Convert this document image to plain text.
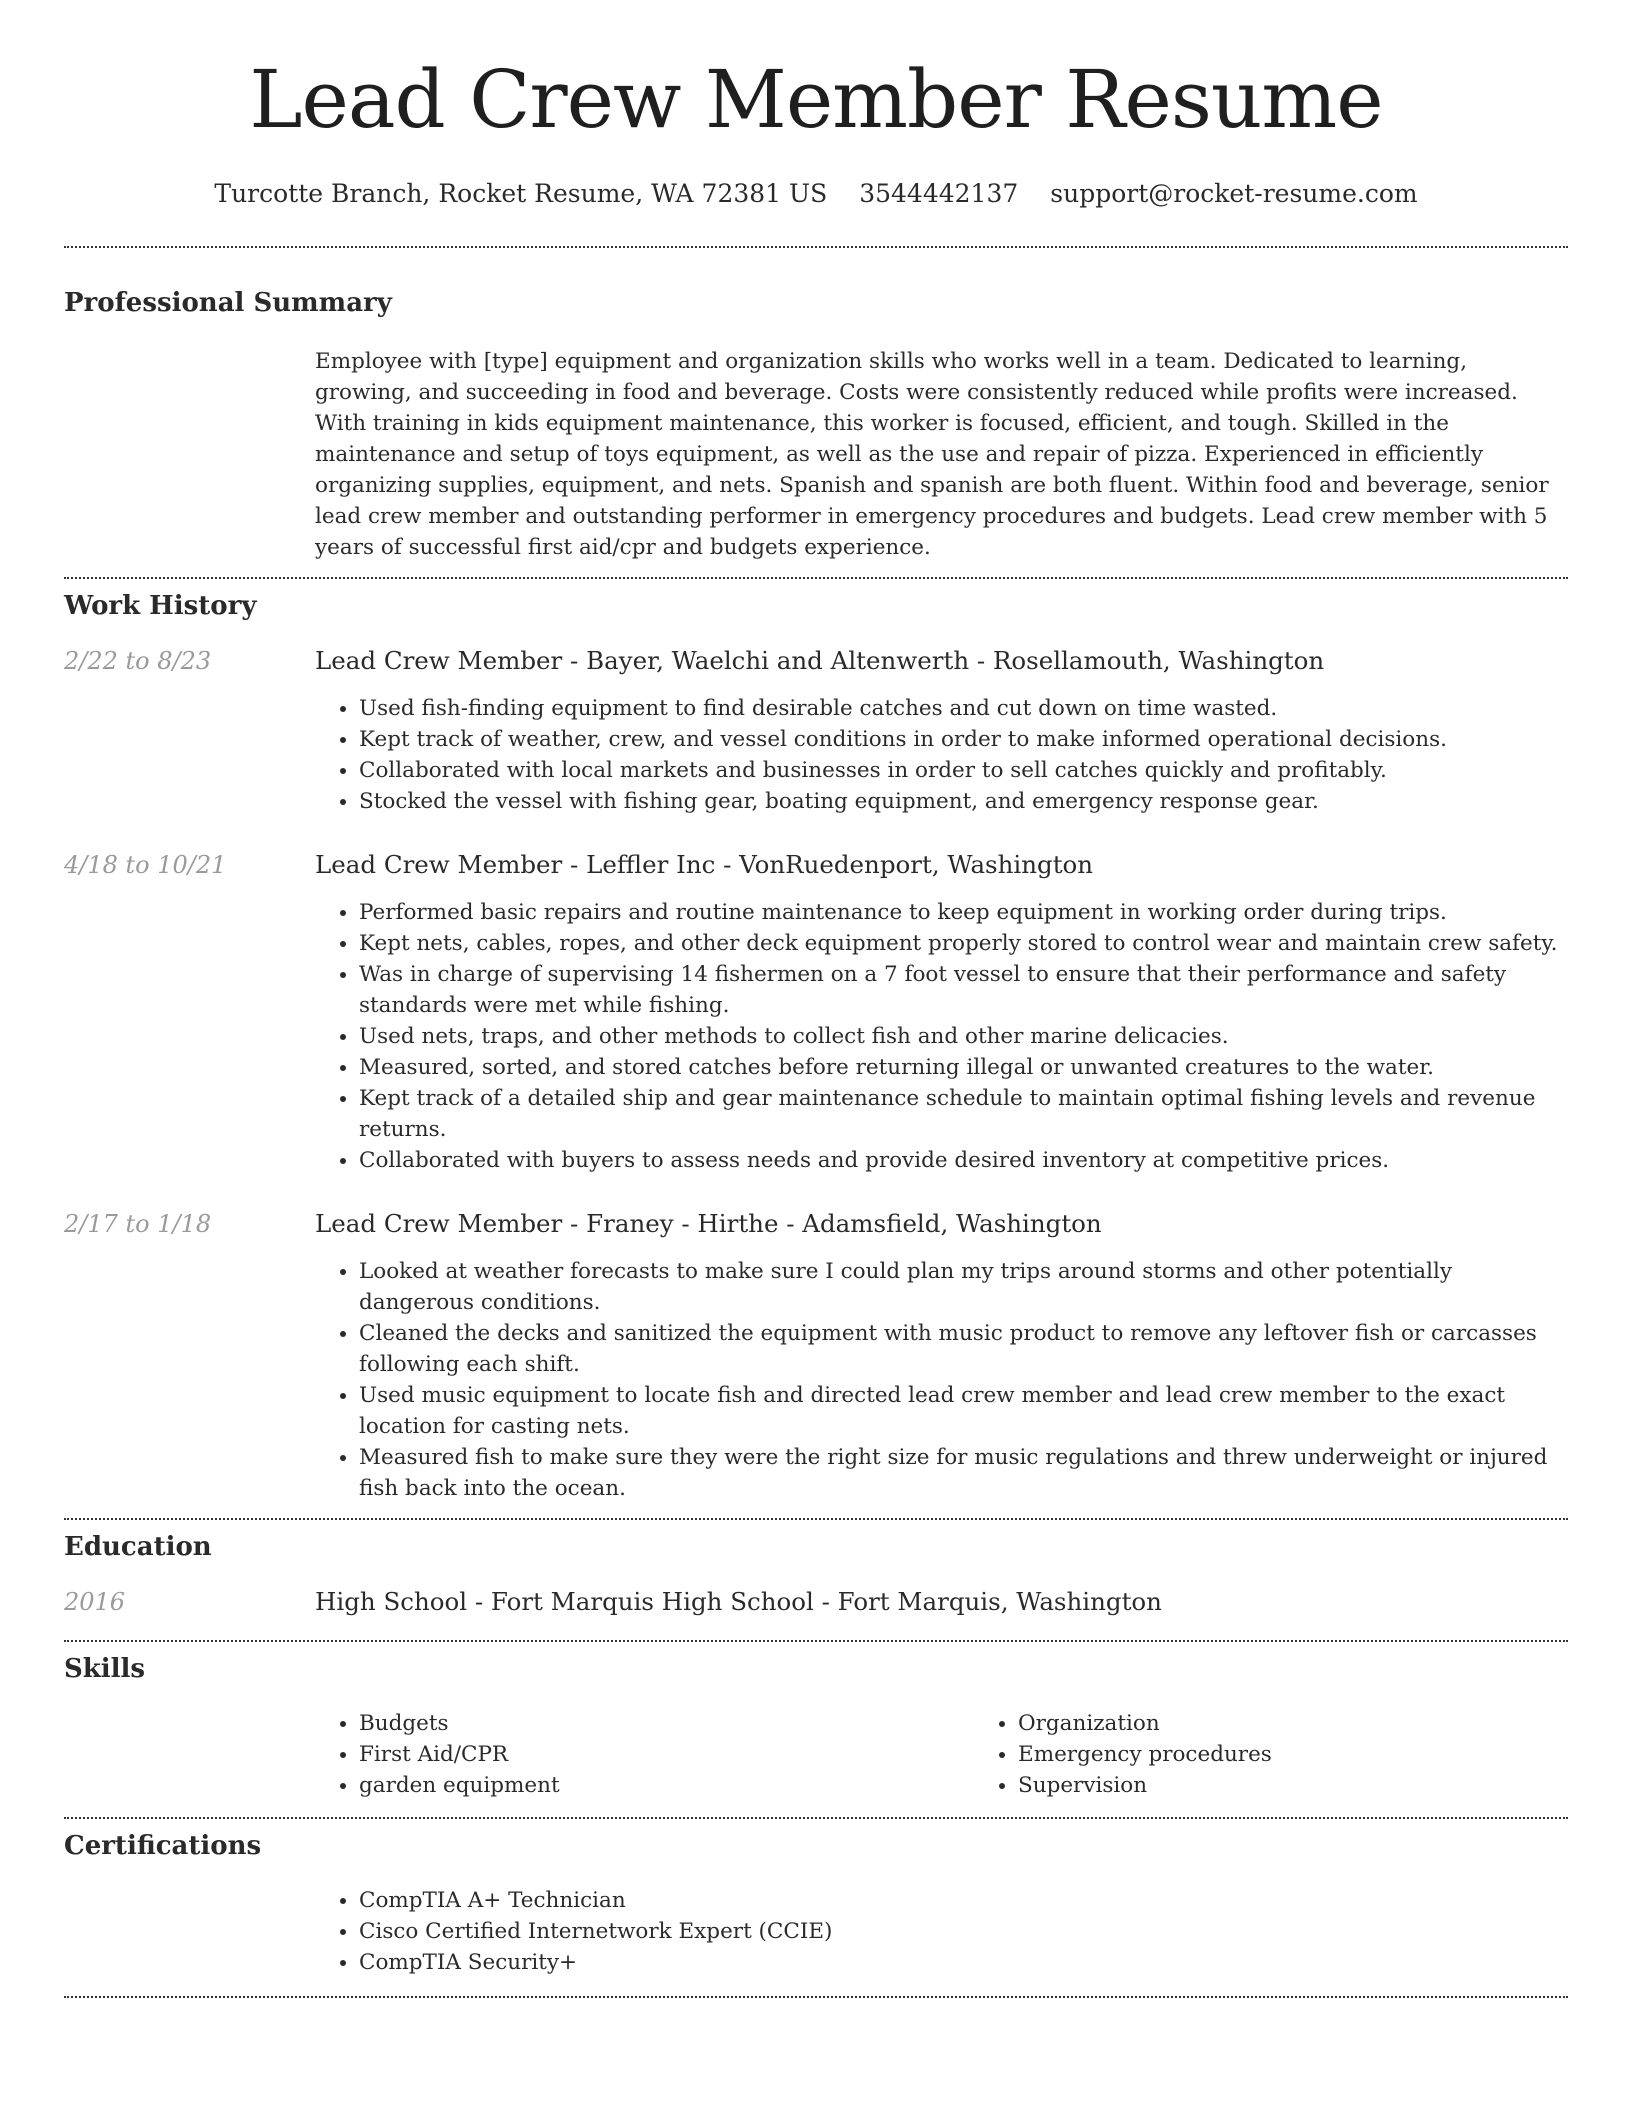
Lead Crew Member Resume
Turcotte Branch, Rocket Resume, WA 72381 US 3544442137 support@rocket-resume.com
Professional Summary

Employee with [type] equipment and organization skills who works well in a team. Dedicated to learning, growing, and succeeding in food and beverage. Costs were consistently reduced while profits were increased. With training in kids equipment maintenance, this worker is focused, efficient, and tough. Skilled in the maintenance and setup of toys equipment, as well as the use and repair of pizza. Experienced in efficiently organizing supplies, equipment, and nets. Spanish and spanish are both fluent. Within food and beverage, senior lead crew member and outstanding performer in emergency procedures and budgets. Lead crew member with 5 years of successful first aid/cpr and budgets experience.

Work History
2/22 to 8/23	Lead Crew Member - Bayer, Waelchi and Altenwerth - Rosellamouth, Washington
• Used fish-finding equipment to find desirable catches and cut down on time wasted.
• Kept track of weather, crew, and vessel conditions in order to make informed operational decisions.
• Collaborated with local markets and businesses in order to sell catches quickly and profitably.
• Stocked the vessel with fishing gear, boating equipment, and emergency response gear.
4/18 to 10/21	Lead Crew Member - Leffler Inc - VonRuedenport, Washington
• Performed basic repairs and routine maintenance to keep equipment in working order during trips.
• Kept nets, cables, ropes, and other deck equipment properly stored to control wear and maintain crew safety.
• Was in charge of supervising 14 fishermen on a 7 foot vessel to ensure that their performance and safety standards were met while fishing.
• Used nets, traps, and other methods to collect fish and other marine delicacies.
• Measured, sorted, and stored catches before returning illegal or unwanted creatures to the water.
• Kept track of a detailed ship and gear maintenance schedule to maintain optimal fishing levels and revenue returns.
• Collaborated with buyers to assess needs and provide desired inventory at competitive prices.
2/17 to 1/18	Lead Crew Member - Franey - Hirthe - Adamsfield, Washington
• Looked at weather forecasts to make sure I could plan my trips around storms and other potentially dangerous conditions.
• Cleaned the decks and sanitized the equipment with music product to remove any leftover fish or carcasses following each shift.
• Used music equipment to locate fish and directed lead crew member and lead crew member to the exact location for casting nets.
• Measured fish to make sure they were the right size for music regulations and threw underweight or injured fish back into the ocean.
Education
2016	High School - Fort Marquis High School - Fort Marquis, Washington
Skills
• Budgets
• First Aid/CPR
• garden equipment
• Organization
• Emergency procedures
• Supervision
Certifications
• CompTIA A+ Technician
• Cisco Certified Internetwork Expert (CCIE)
• CompTIA Security+
